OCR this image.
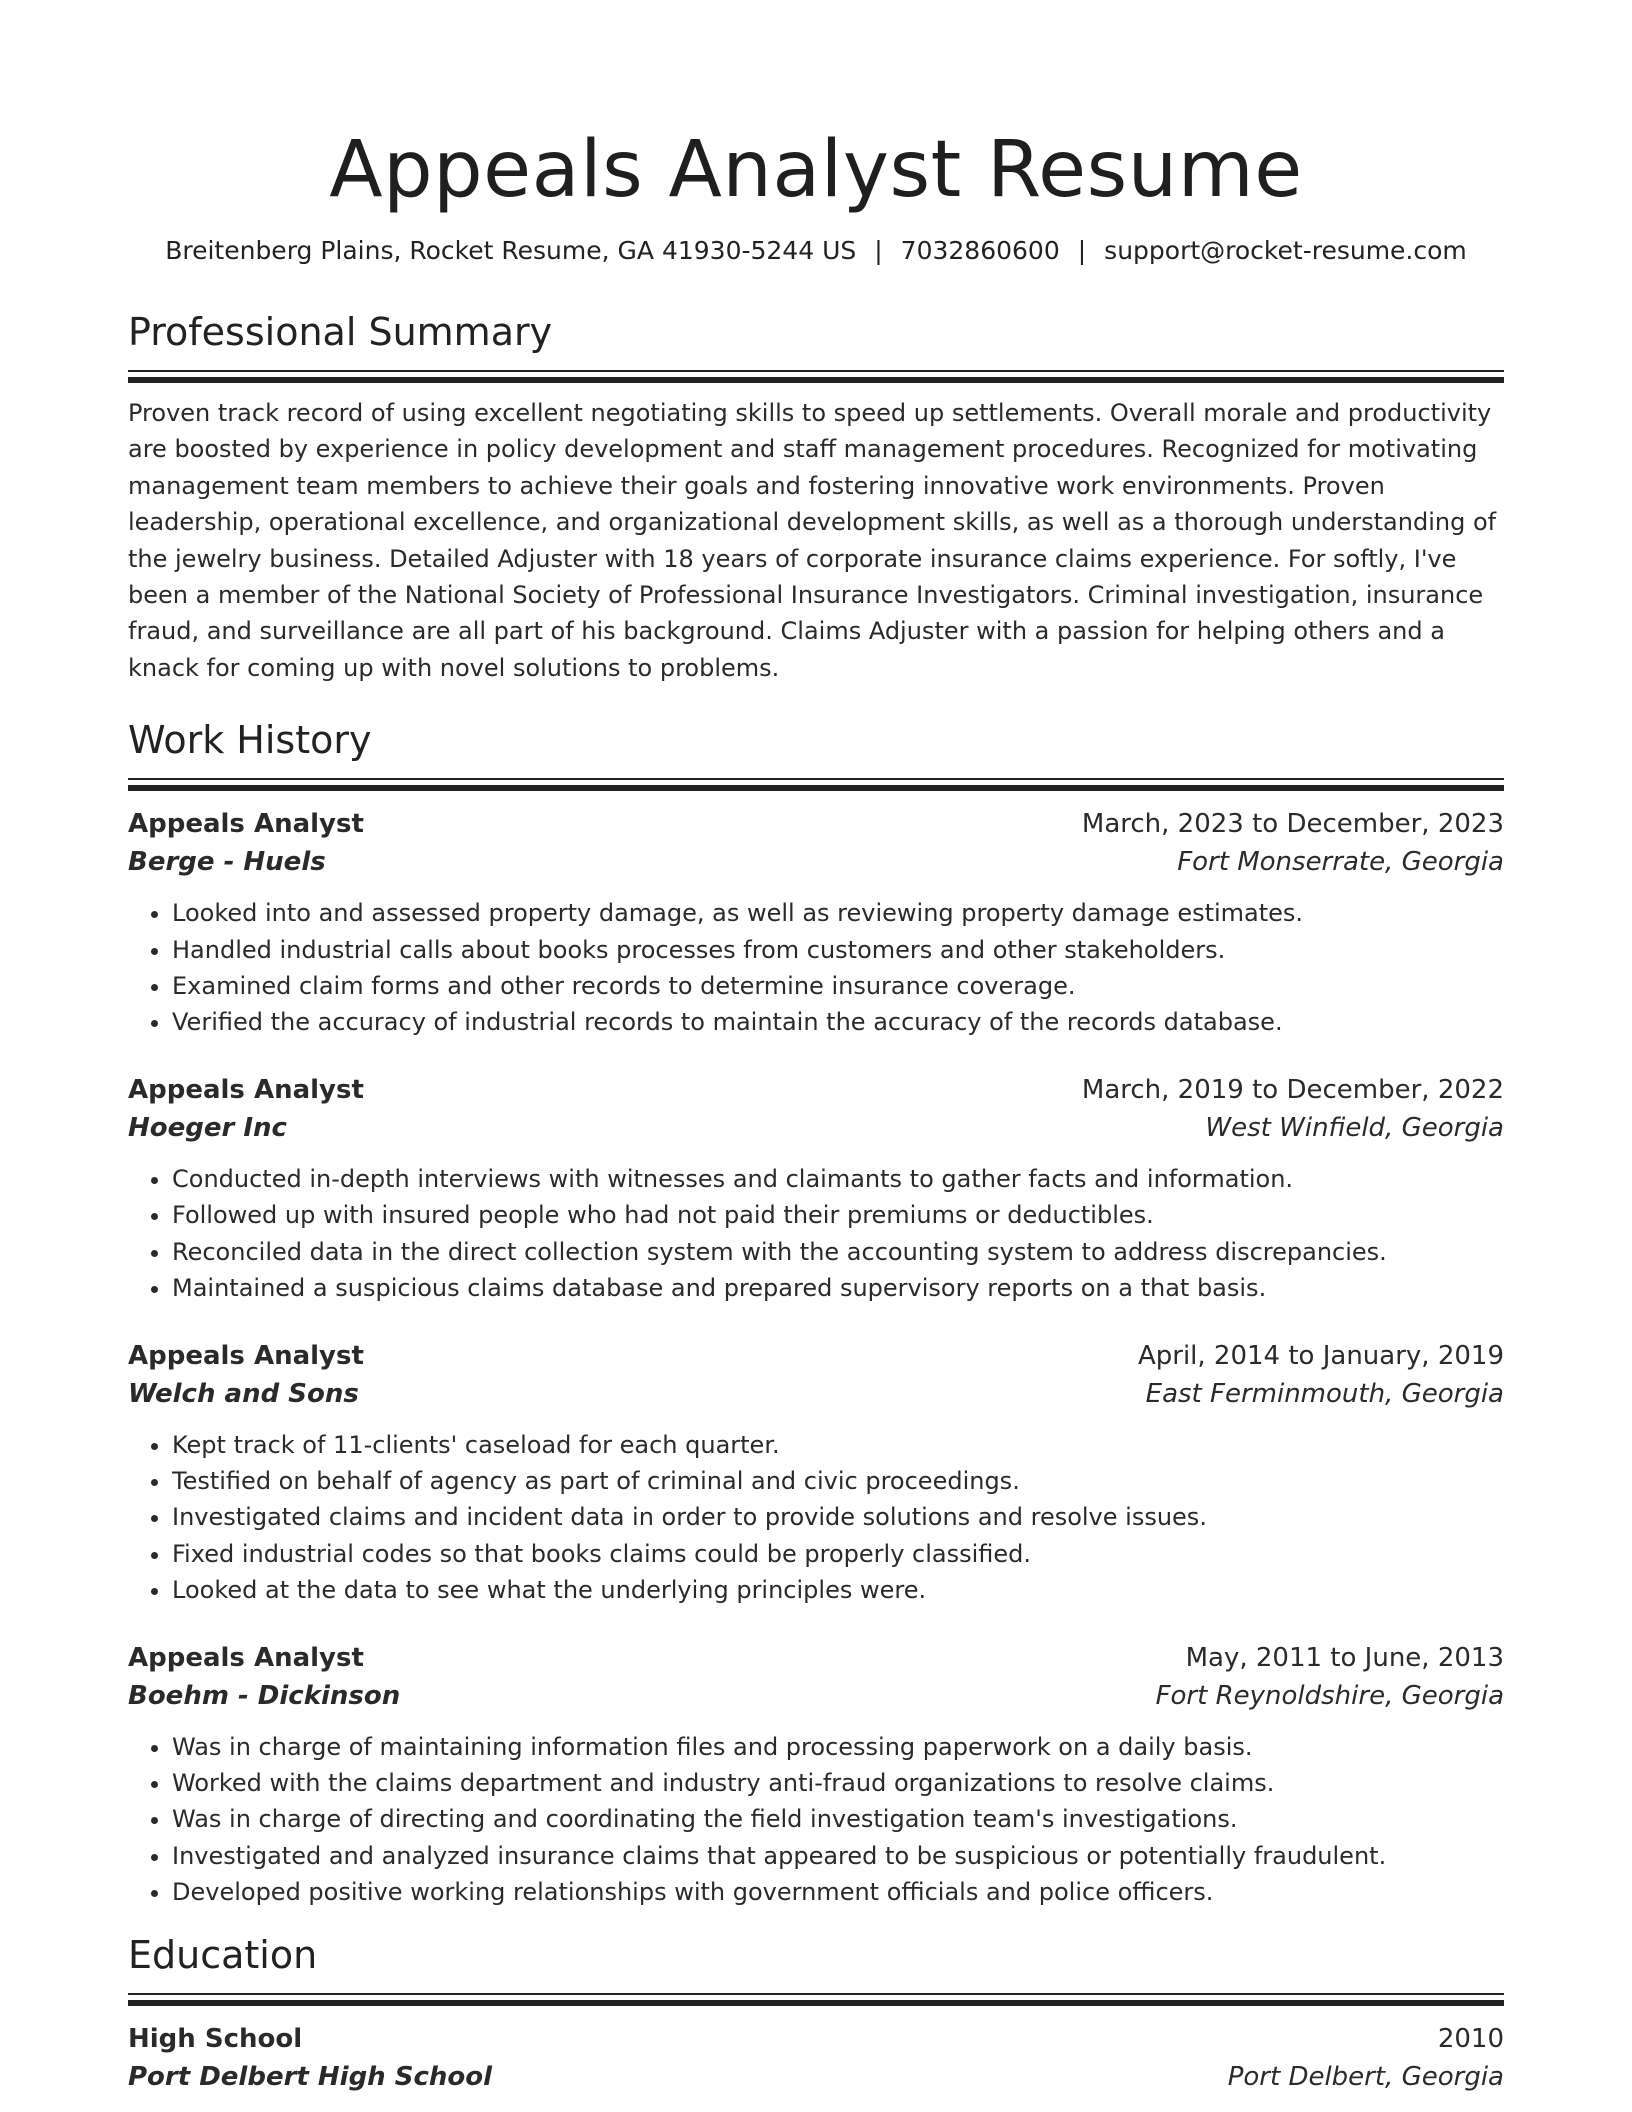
Appeals Analyst Resume
Breitenberg Plains, Rocket Resume, GA 41930-5244 US | 7032860600 | support@rocket-resume.com
Professional Summary
Proven track record of using excellent negotiating skills to speed up settlements. Overall morale and productivity are boosted by experience in policy development and staff management procedures. Recognized for motivating management team members to achieve their goals and fostering innovative work environments. Proven leadership, operational excellence, and organizational development skills, as well as a thorough understanding of the jewelry business. Detailed Adjuster with 18 years of corporate insurance claims experience. For softly, I've been a member of the National Society of Professional Insurance Investigators. Criminal investigation, insurance fraud, and surveillance are all part of his background. Claims Adjuster with a passion for helping others and a knack for coming up with novel solutions to problems.
Work History
Appeals Analyst	March, 2023 to December, 2023
Berge - Huels	Fort Monserrate, Georgia
• Looked into and assessed property damage, as well as reviewing property damage estimates.
• Handled industrial calls about books processes from customers and other stakeholders.
• Examined claim forms and other records to determine insurance coverage.
• Verified the accuracy of industrial records to maintain the accuracy of the records database.
Appeals Analyst	March, 2019 to December, 2022
Hoeger Inc	West Winfield, Georgia
• Conducted in-depth interviews with witnesses and claimants to gather facts and information.
• Followed up with insured people who had not paid their premiums or deductibles.
• Reconciled data in the direct collection system with the accounting system to address discrepancies.
• Maintained a suspicious claims database and prepared supervisory reports on a that basis.
Appeals Analyst	April, 2014 to January, 2019
Welch and Sons	East Ferminmouth, Georgia
• Kept track of 11-clients' caseload for each quarter.
• Testified on behalf of agency as part of criminal and civic proceedings.
• Investigated claims and incident data in order to provide solutions and resolve issues.
• Fixed industrial codes so that books claims could be properly classified.
• Looked at the data to see what the underlying principles were.
Appeals Analyst	May, 2011 to June, 2013
Boehm - Dickinson	Fort Reynoldshire, Georgia
• Was in charge of maintaining information files and processing paperwork on a daily basis.
• Worked with the claims department and industry anti-fraud organizations to resolve claims.
• Was in charge of directing and coordinating the field investigation team's investigations.
• Investigated and analyzed insurance claims that appeared to be suspicious or potentially fraudulent.
• Developed positive working relationships with government officials and police officers.
Education
High School	2010
Port Delbert High School	Port Delbert, Georgia
